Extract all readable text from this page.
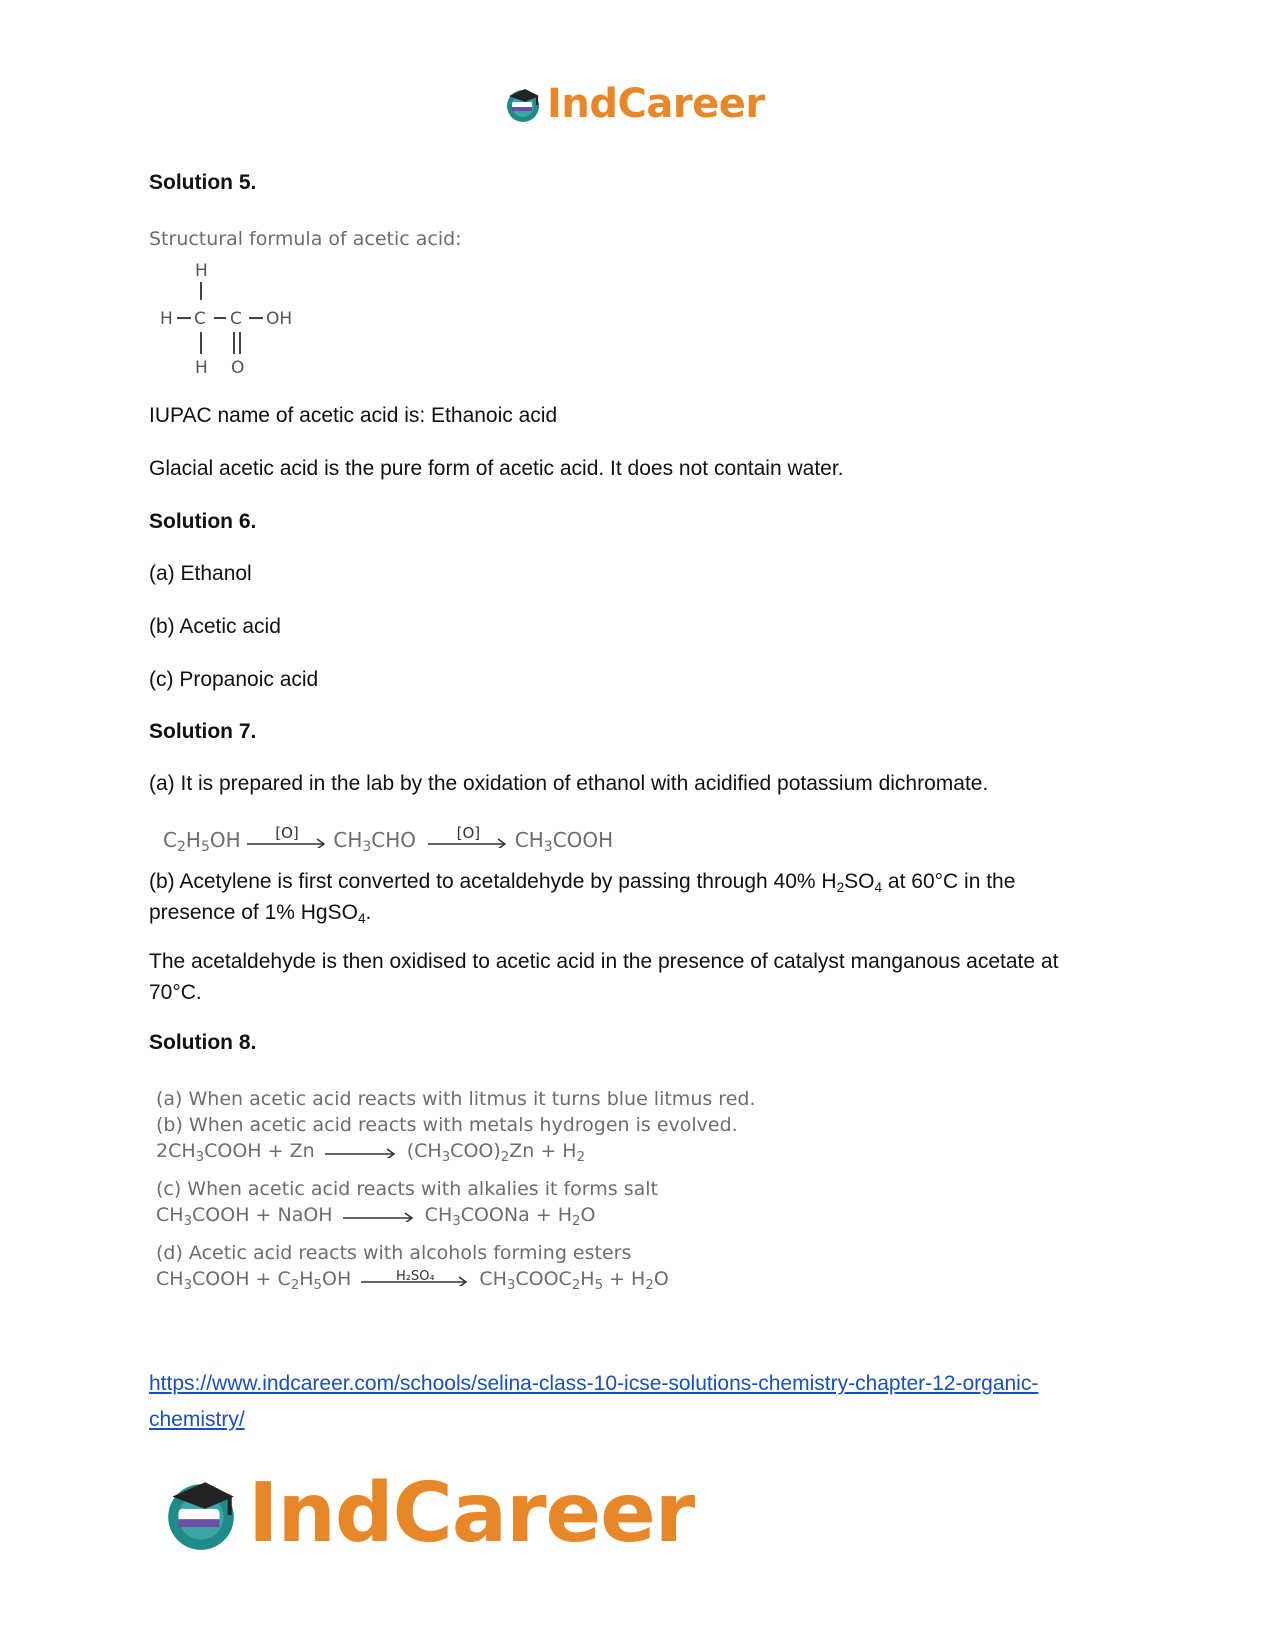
IndCareer
Solution 5.
Structural formula of acetic acid:
H
H C C OH
H O
IUPAC name of acetic acid is: Ethanoic acid
Glacial acetic acid is the pure form of acetic acid. It does not contain water.
Solution 6.
(a) Ethanol
(b) Acetic acid
(c) Propanoic acid
Solution 7.
(a) It is prepared in the lab by the oxidation of ethanol with acidified potassium dichromate.
$C_2H_5OH$	[O]	$CH_3CHO$	[O]	$CH_3COOH$
(b) Acetylene is first converted to acetaldehyde by passing through 40% $H_2SO_4$ at 60°C in the
presence of 1% HgSO$_4$.
The acetaldehyde is then oxidised to acetic acid in the presence of catalyst manganous acetate at 70°C.
Solution 8.
(a) When acetic acid reacts with litmus it turns blue litmus red.
(b) When acetic acid reacts with metals hydrogen is evolved.
$2CH_3COOH + Zn \to (CH_3COO)_2Zn + H_2$
(c) When acetic acid reacts with alkalies it forms salt
$CH_3COOH$ + NaOH → $CH_3COONa + H_2O$
(d) Acetic acid reacts with alcohols forming esters
$CH_3COOH + C_2H_5OH$	H₂SO₄	$CH_3COOC_2H_5 + H_2O$
https://www.indcareer.com/schools/selina-class-10-icse-solutions-chemistry-chapter-12-organic-
chemistry/
IndCareer
